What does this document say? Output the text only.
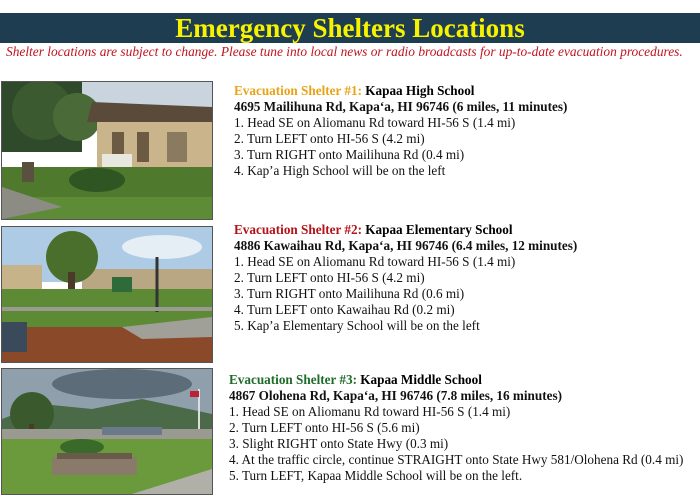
Emergency Shelters Locations
Shelter locations are subject to change. Please tune into local news or radio broadcasts for up-to-date evacuation procedures.
Evacuation Shelter #1: Kapaa High School
4695 Mailihuna Rd, Kapa‘a, HI 96746 (6 miles, 11 minutes)
1. Head SE on Aliomanu Rd toward HI-56 S (1.4 mi)
2. Turn LEFT onto HI-56 S (4.2 mi)
3. Turn RIGHT onto Mailihuna Rd (0.4 mi)
4. Kap’a High School will be on the left
Evacuation Shelter #2: Kapaa Elementary School
4886 Kawaihau Rd, Kapa‘a, HI 96746 (6.4 miles, 12 minutes)
1. Head SE on Aliomanu Rd toward HI-56 S (1.4 mi)
2. Turn LEFT onto HI-56 S (4.2 mi)
3. Turn RIGHT onto Mailihuna Rd (0.6 mi)
4. Turn LEFT onto Kawaihau Rd (0.2 mi)
5. Kap’a Elementary School will be on the left
Evacuation Shelter #3: Kapaa Middle School
4867 Olohena Rd, Kapa‘a, HI 96746 (7.8 miles, 16 minutes)
1. Head SE on Aliomanu Rd toward HI-56 S (1.4 mi)
2. Turn LEFT onto HI-56 S (5.6 mi)
3. Slight RIGHT onto State Hwy (0.3 mi)
4. At the traffic circle, continue STRAIGHT onto State Hwy 581/Olohena Rd (0.4 mi)
5. Turn LEFT, Kapaa Middle School will be on the left.
